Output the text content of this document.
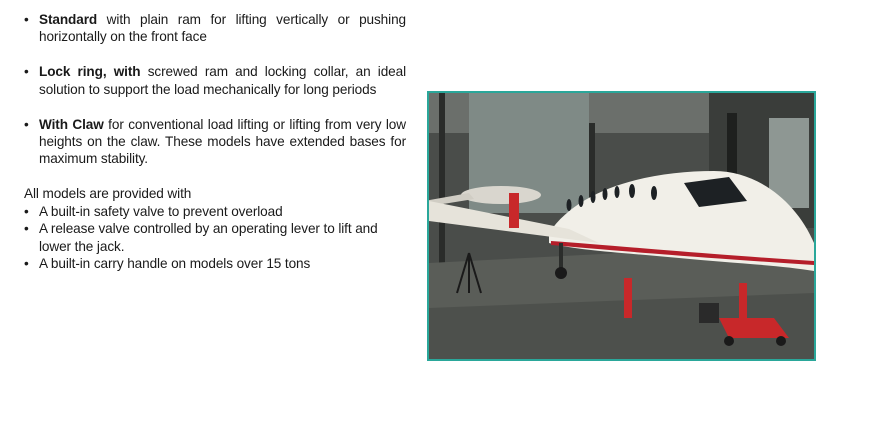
• Standard with plain ram for lifting vertically or pushing horizontally on the front face
• Lock ring, with screwed ram and locking collar, an ideal solution to support the load mechanically for long periods
• With Claw for conventional load lifting or lifting from very low heights on the claw. These models have extended bases for maximum stability.
All models are provided with
• A built-in safety valve to prevent overload
• A release valve controlled by an operating lever to lift and lower the jack.
• A built-in carry handle on models over 15 tons
